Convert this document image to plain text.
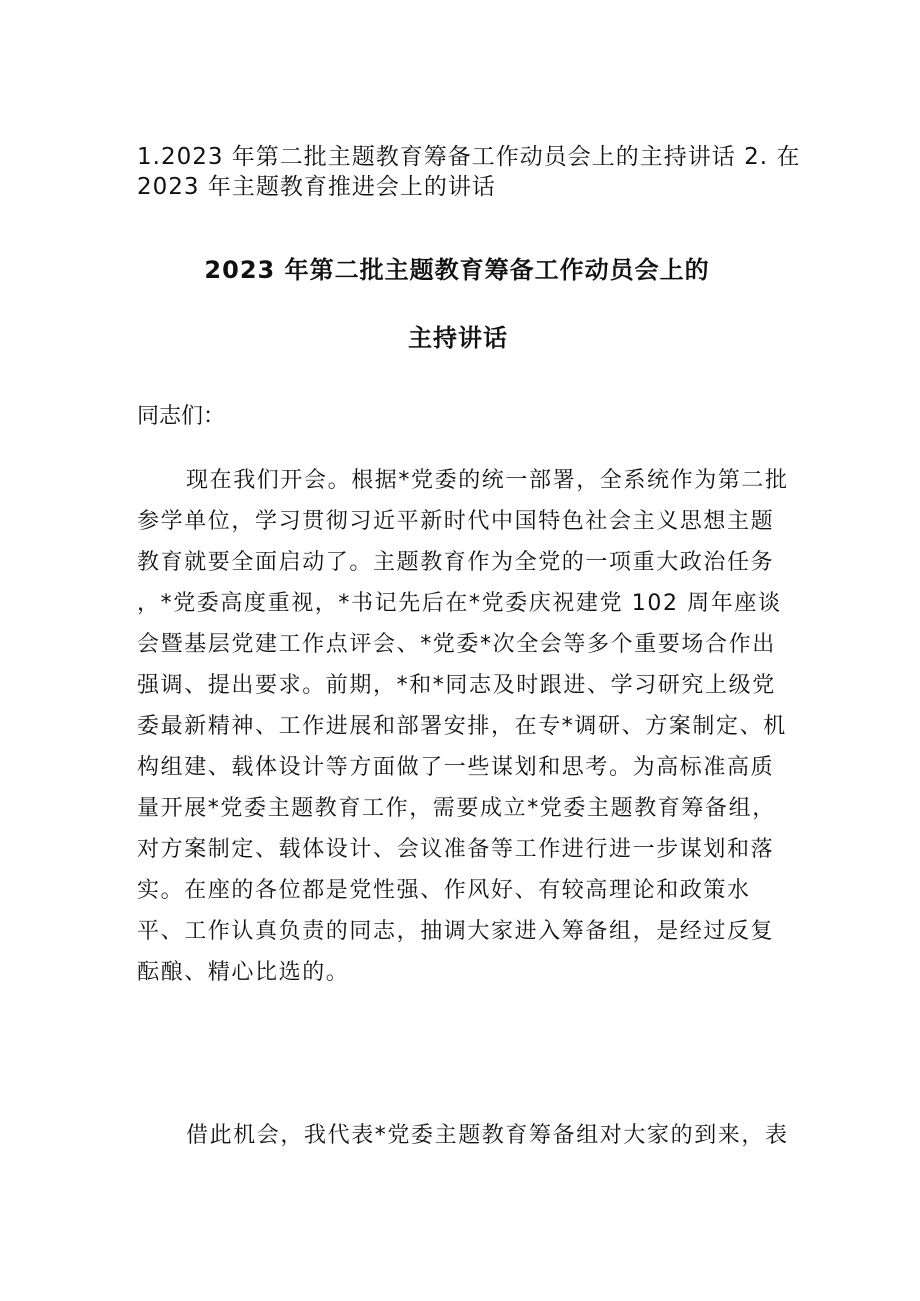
1.2023 年第二批主题教育筹备工作动员会上的主持讲话 2. 在
2023 年主题教育推进会上的讲话
2023 年第二批主题教育筹备工作动员会上的
主持讲话
同志们：
现在我们开会。根据*党委的统一部署，全系统作为第二批
参学单位，学习贯彻习近平新时代中国特色社会主义思想主题
教育就要全面启动了。主题教育作为全党的一项重大政治任务
，*党委高度重视，*书记先后在*党委庆祝建党 102 周年座谈
会暨基层党建工作点评会、*党委*次全会等多个重要场合作出
强调、提出要求。前期，*和*同志及时跟进、学习研究上级党
委最新精神、工作进展和部署安排，在专*调研、方案制定、机
构组建、载体设计等方面做了一些谋划和思考。为高标准高质
量开展*党委主题教育工作，需要成立*党委主题教育筹备组，
对方案制定、载体设计、会议准备等工作进行进一步谋划和落
实。在座的各位都是党性强、作风好、有较高理论和政策水
平、工作认真负责的同志，抽调大家进入筹备组，是经过反复
酝酿、精心比选的。
借此机会，我代表*党委主题教育筹备组对大家的到来，表
